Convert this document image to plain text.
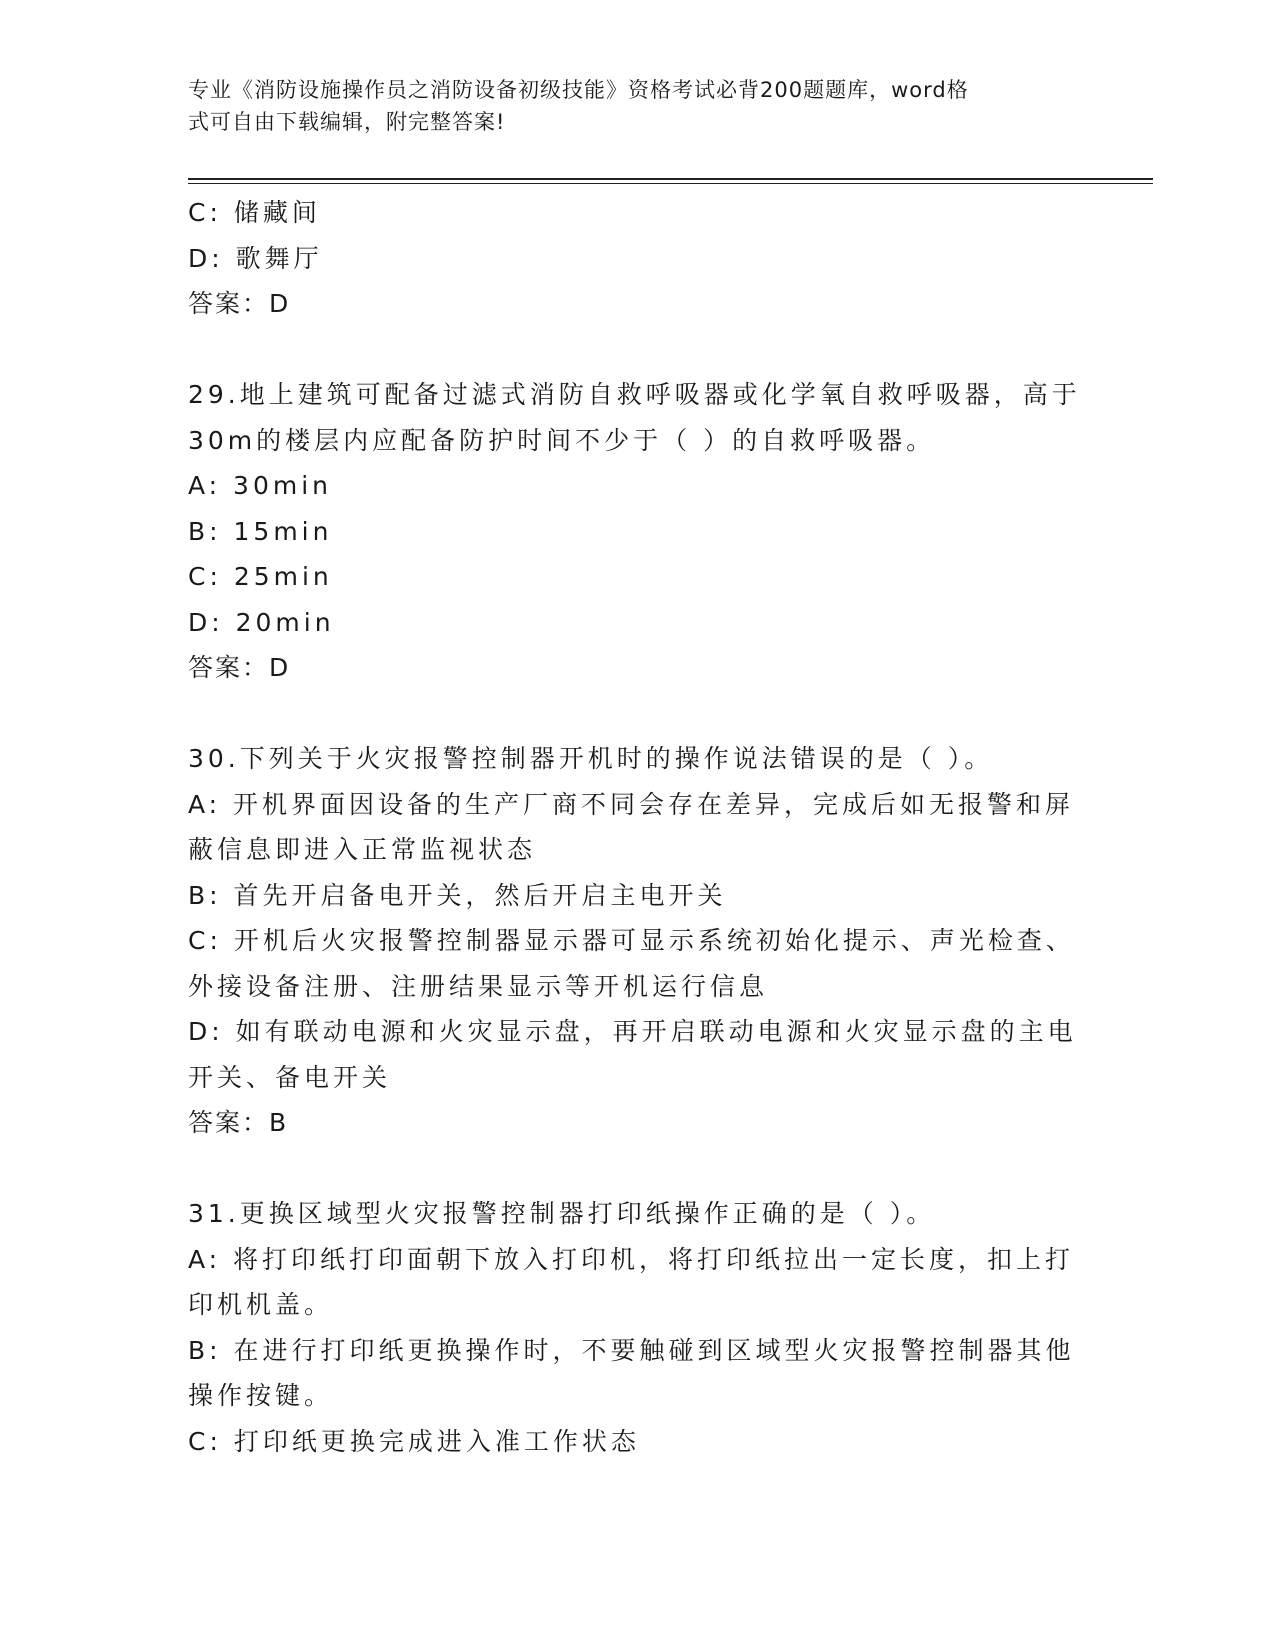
专业《消防设施操作员之消防设备初级技能》资格考试必背200题题库，word格
式可自由下载编辑，附完整答案!
C: 储藏间
D: 歌舞厅
答案：D
29.地上建筑可配备过滤式消防自救呼吸器或化学氧自救呼吸器，高于
30m的楼层内应配备防护时间不少于（ ）的自救呼吸器。
A: 30min
B: 15min
C: 25min
D: 20min
答案：D
30.下列关于火灾报警控制器开机时的操作说法错误的是（ ）。
A: 开机界面因设备的生产厂商不同会存在差异，完成后如无报警和屏
蔽信息即进入正常监视状态
B: 首先开启备电开关，然后开启主电开关
C: 开机后火灾报警控制器显示器可显示系统初始化提示、声光检查、
外接设备注册、注册结果显示等开机运行信息
D: 如有联动电源和火灾显示盘，再开启联动电源和火灾显示盘的主电
开关、备电开关
答案：B
31.更换区域型火灾报警控制器打印纸操作正确的是（ ）。
A: 将打印纸打印面朝下放入打印机，将打印纸拉出一定长度，扣上打
印机机盖。
B: 在进行打印纸更换操作时，不要触碰到区域型火灾报警控制器其他
操作按键。
C: 打印纸更换完成进入准工作状态
